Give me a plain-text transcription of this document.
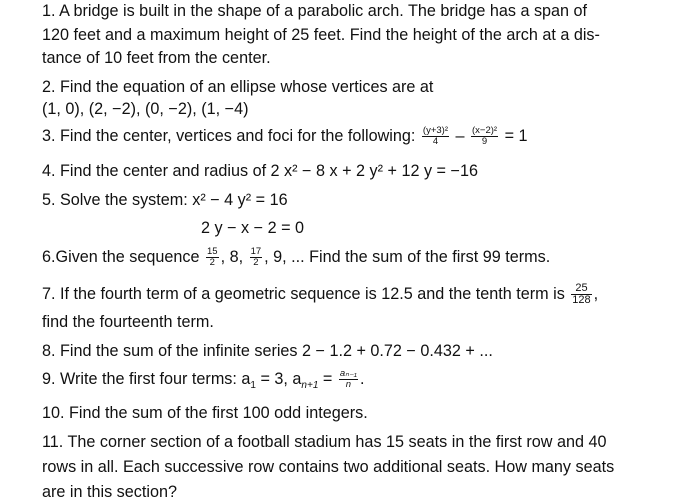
1. A bridge is built in the shape of a parabolic arch. The bridge has a span of
120 feet and a maximum height of 25 feet. Find the height of the arch at a dis-
tance of 10 feet from the center.
2. Find the equation of an ellipse whose vertices are at
(1, 0), (2, −2), (0, −2), (1, −4)
3. Find the center, vertices and foci for the following: $\frac{\text{(y+3)²}}{4} - \frac{\text{(x−2)²}}{9} = 1$
4. Find the center and radius of 2 x² − 8 x + 2 y² + 12 y = −16
5. Solve the system: x² − 4 y² = 16
2 y − x − 2 = 0
6.Given the sequence $\frac{15}{2}$ , 8, $\frac{17}{2}$ , 9, ... Find the sum of the first 99 terms.
7. If the fourth term of a geometric sequence is 12.5 and the tenth term is $\frac{25}{128}$ ,
find the fourteenth term.
8. Find the sum of the infinite series 2 − 1.2 + 0.72 − 0.432 + ...
9. Write the first four terms: $a_1 = 3$, $a_{n+1} = \frac{\text{aₙ₋₁}}{n}$ .
10. Find the sum of the first 100 odd integers.
11. The corner section of a football stadium has 15 seats in the first row and 40
rows in all. Each successive row contains two additional seats. How many seats
are in this section?
